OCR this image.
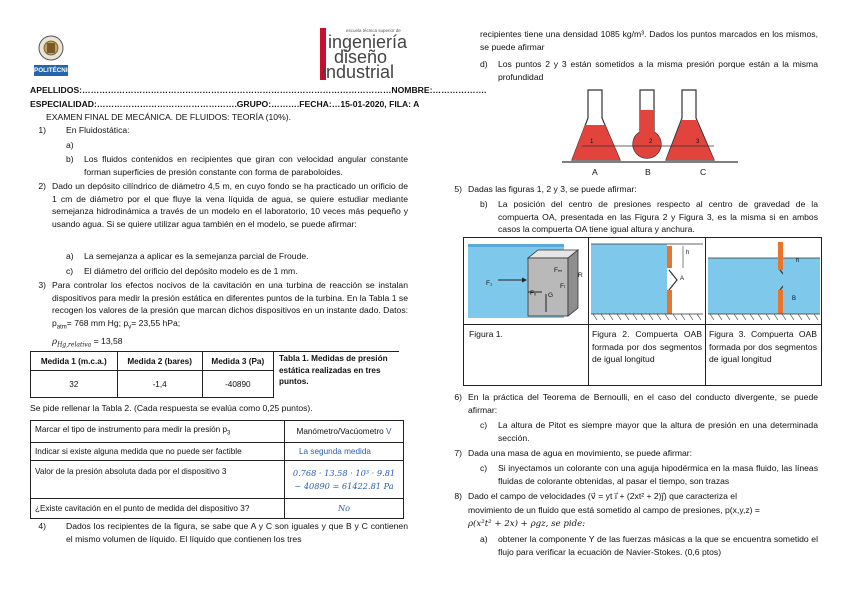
POLITÉCNICA
escuela técnica superior de
ingeniería
diseño
industrial
APELLIDOS:………………………………………………………………………………………………NOMBRE:……………….
ESPECIALIDAD:………………………………………….GRUPO:……….FECHA:…15-01-2020, FILA: A
EXAMEN FINAL DE MECÁNICA. DE FLUIDOS: TEORÍA (10%).
1) En Fluidostática:
a)
b) Los fluidos contenidos en recipientes que giran con velocidad angular constante forman superficies de presión constante con forma de paraboloides.
2) Dado un depósito cilíndrico de diámetro 4,5 m, en cuyo fondo se ha practicado un orificio de 1 cm de diámetro por el que fluye la vena líquida de agua, se quiere estudiar mediante semejanza hidrodinámica a través de un modelo en el laboratorio, 10 veces más pequeño y usando agua. Si se quiere utilizar agua también en el modelo, se puede afirmar:
a) La semejanza a aplicar es la semejanza parcial de Froude.
c) El diámetro del orificio del depósito modelo es de 1 mm.
3) Para controlar los efectos nocivos de la cavitación en una turbina de reacción se instalan dispositivos para medir la presión estática en diferentes puntos de la turbina. En la Tabla 1 se recogen los valores de la presión que marcan dichos dispositivos en un instante dado. Datos: $p_{atm}= 768$ mm Hg; $p_v= 23,55$ hPa;
$\rho_{Hg,relativa} = 13,58$
Medida 1 (m.c.a.)	Medida 2 (bares)	Medida 3 (Pa)
32	-1,4	-40890
Tabla 1. Medidas de presión estática realizadas en tres puntos.
Se pide rellenar la Tabla 2. (Cada respuesta se evalúa como 0,25 puntos).
Marcar el tipo de instrumento para medir la presión $p_3$	Manómetro/Vacúometro V
Indicar si existe alguna medida que no puede ser factible	La segunda medida
Valor de la presión absoluta dada por el dispositivo 3	0.768 · 13.58 · 10³ · 9.81
− 40890 = 61422.81 Pa

¿Existe cavitación en el punto de medida del dispositivo 3?	No
4) Dados los recipientes de la figura, se sabe que A y C son iguales y que B y C contienen el mismo volumen de líquido. El líquido que contienen los tres
recipientes tiene una densidad 1085 kg/m³. Dados los puntos marcados en los mismos, se puede afirmar
d) Los puntos 2 y 3 están sometidos a la misma presión porque están a la misma profundidad
1	2	3
A	B	C
5) Dadas las figuras 1, 2 y 3, se puede afirmar:
b) La posición del centro de presiones respecto al centro de gravedad de la compuerta OA, presentada en las Figura 2 y Figura 3, es la misma si en ambos casos la compuerta OA tiene igual altura y anchura.
R
F₁
Fₘ
Fₗ
Fₓ G
h
A
h
B
Figura 1.	Figura 2. Compuerta OAB formada por dos segmentos de igual longitud
Figura 3. Compuerta OAB formada por dos segmentos de igual longitud
6) En la práctica del Teorema de Bernoulli, en el caso del conducto divergente, se puede afirmar:
c) La altura de Pitot es siempre mayor que la altura de presión en una determinada sección.
7) Dada una masa de agua en movimiento, se puede afirmar:
c) Si inyectamos un colorante con una aguja hipodérmica en la masa fluido, las líneas fluidas de colorante obtenidas, al pasar el tiempo, son trazas
8) Dado el campo de velocidades (v⃗ = yt i⃗ + (2xt² + 2)j⃗) que caracteriza el
movimiento de un fluido que está sometido al campo de presiones, p(x,y,z) =
ρ(x²t² + 2x) + ρgz, se pide:
a) obtener la componente Y de las fuerzas másicas a la que se encuentra sometido el flujo para verificar la ecuación de Navier-Stokes. (0,6 ptos)
